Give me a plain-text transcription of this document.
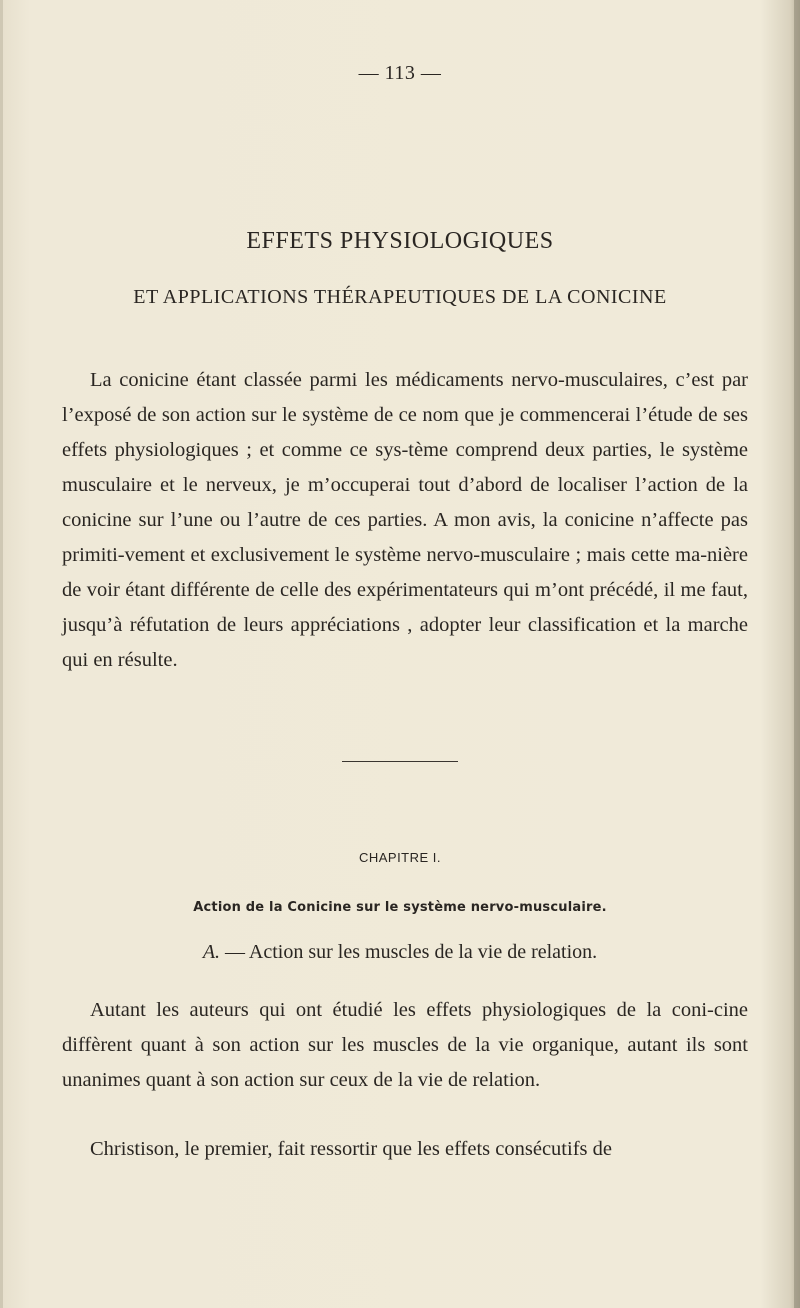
— 113 —
EFFETS PHYSIOLOGIQUES
ET APPLICATIONS THÉRAPEUTIQUES DE LA CONICINE

La conicine étant classée parmi les médicaments nervo-musculaires, c’est par l’exposé de son action sur le système de ce nom que je commencerai l’étude de ses effets physiologiques ; et comme ce sys-tème comprend deux parties, le système musculaire et le nerveux, je m’occuperai tout d’abord de localiser l’action de la conicine sur l’une ou l’autre de ces parties. A mon avis, la conicine n’affecte pas primiti-vement et exclusivement le système nervo-musculaire ; mais cette ma-nière de voir étant différente de celle des expérimentateurs qui m’ont précédé, il me faut, jusqu’à réfutation de leurs appréciations , adopter leur classification et la marche qui en résulte.

CHAPITRE I.
Action de la Conicine sur le système nervo-musculaire.
A. — Action sur les muscles de la vie de relation.

Autant les auteurs qui ont étudié les effets physiologiques de la coni-cine diffèrent quant à son action sur les muscles de la vie organique, autant ils sont unanimes quant à son action sur ceux de la vie de relation.

Christison, le premier, fait ressortir que les effets consécutifs de
